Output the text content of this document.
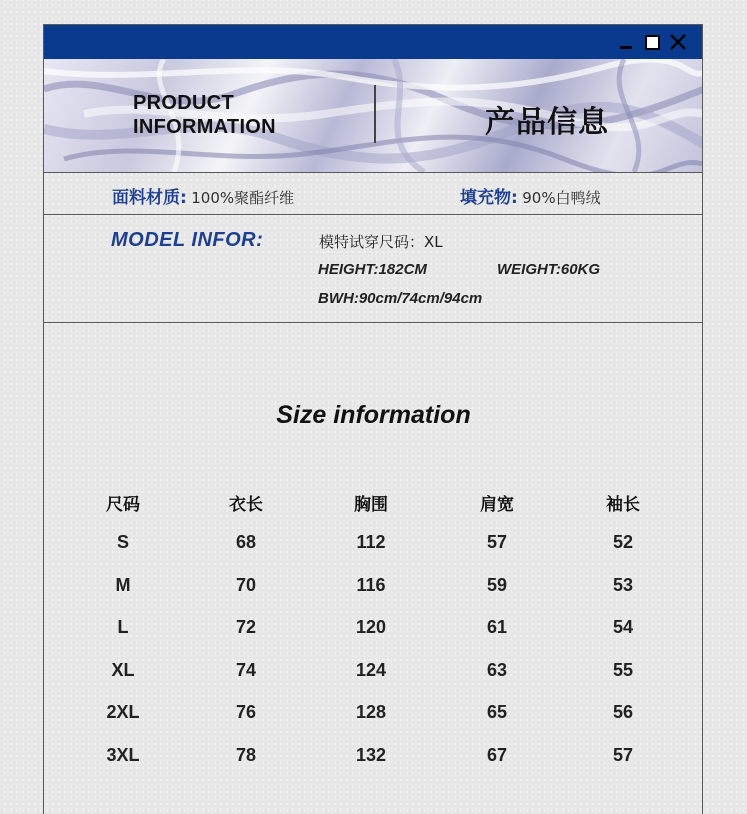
PRODUCT
INFORMATION	产品信息
面料材质: 100%聚酯纤维	填充物: 90%白鸭绒
MODEL INFOR:	模特试穿尺码：XL
HEIGHT:182CM	WEIGHT:60KG
BWH:90cm/74cm/94cm
Size information
尺码	衣长	胸围	肩宽	袖长
S	68	112	57	52
M	70	116	59	53
L	72	120	61	54
XL	74	124	63	55
2XL	76	128	65	56
3XL	78	132	67	57
